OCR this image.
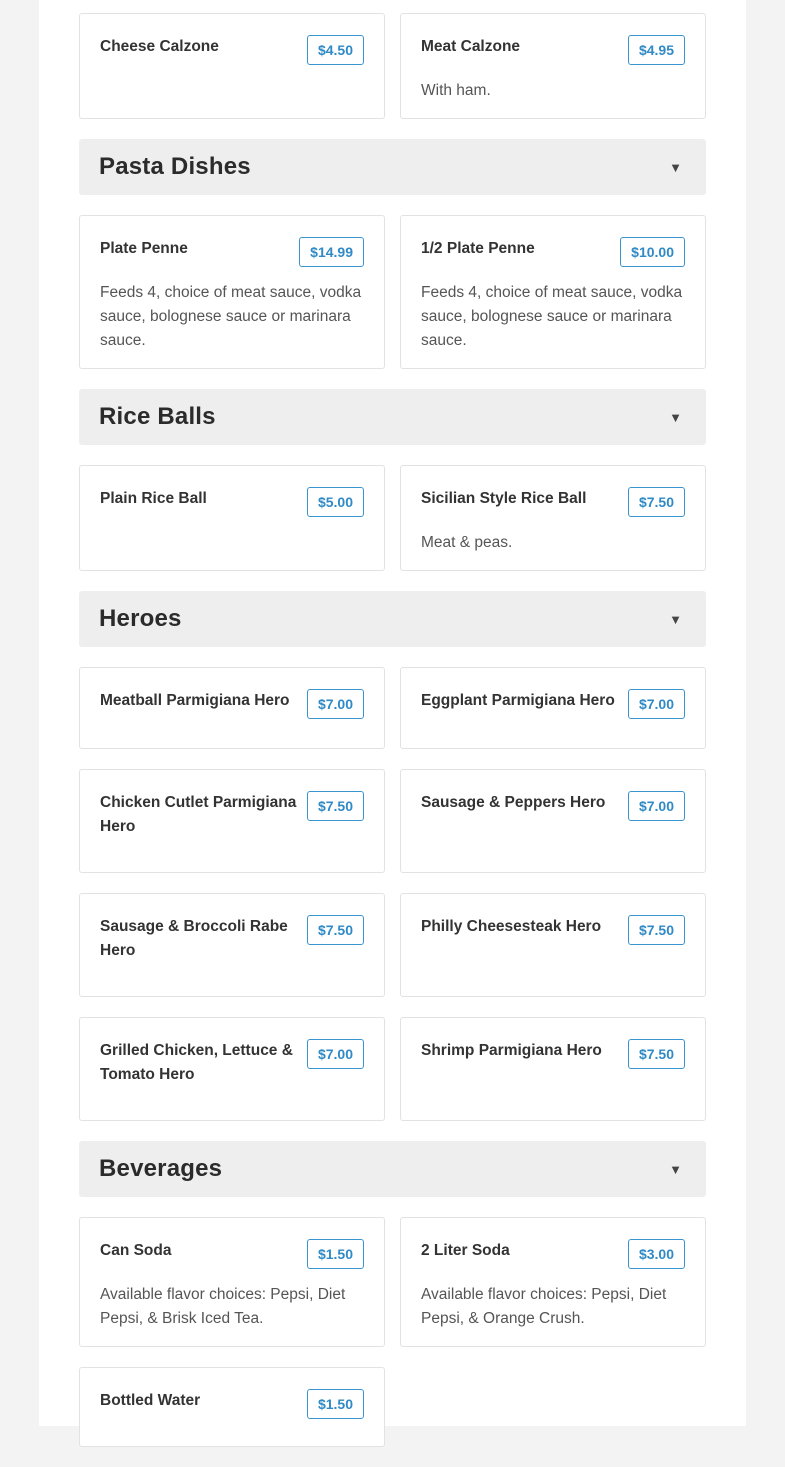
Cheese Calzone	$4.50	Meat Calzone	$4.95
With ham.
Pasta Dishes	▼
Plate Penne	$14.99
Feeds 4, choice of meat sauce, vodka sauce, bolognese sauce or marinara sauce.
1/2 Plate Penne	$10.00
Feeds 4, choice of meat sauce, vodka sauce, bolognese sauce or marinara sauce.
Rice Balls	▼
Plain Rice Ball	$5.00	Sicilian Style Rice Ball	$7.50
Meat & peas.
Heroes	▼
Meatball Parmigiana Hero	$7.00	Eggplant Parmigiana Hero	$7.00
Chicken Cutlet Parmigiana Hero
$7.50	Sausage & Peppers Hero	$7.00
Sausage & Broccoli Rabe Hero
$7.50	Philly Cheesesteak Hero	$7.50
Grilled Chicken, Lettuce & Tomato Hero
$7.00	Shrimp Parmigiana Hero	$7.50
Beverages	▼
Can Soda	$1.50
Available flavor choices: Pepsi, Diet Pepsi, & Brisk Iced Tea.
2 Liter Soda	$3.00
Available flavor choices: Pepsi, Diet Pepsi, & Orange Crush.
Bottled Water	$1.50
